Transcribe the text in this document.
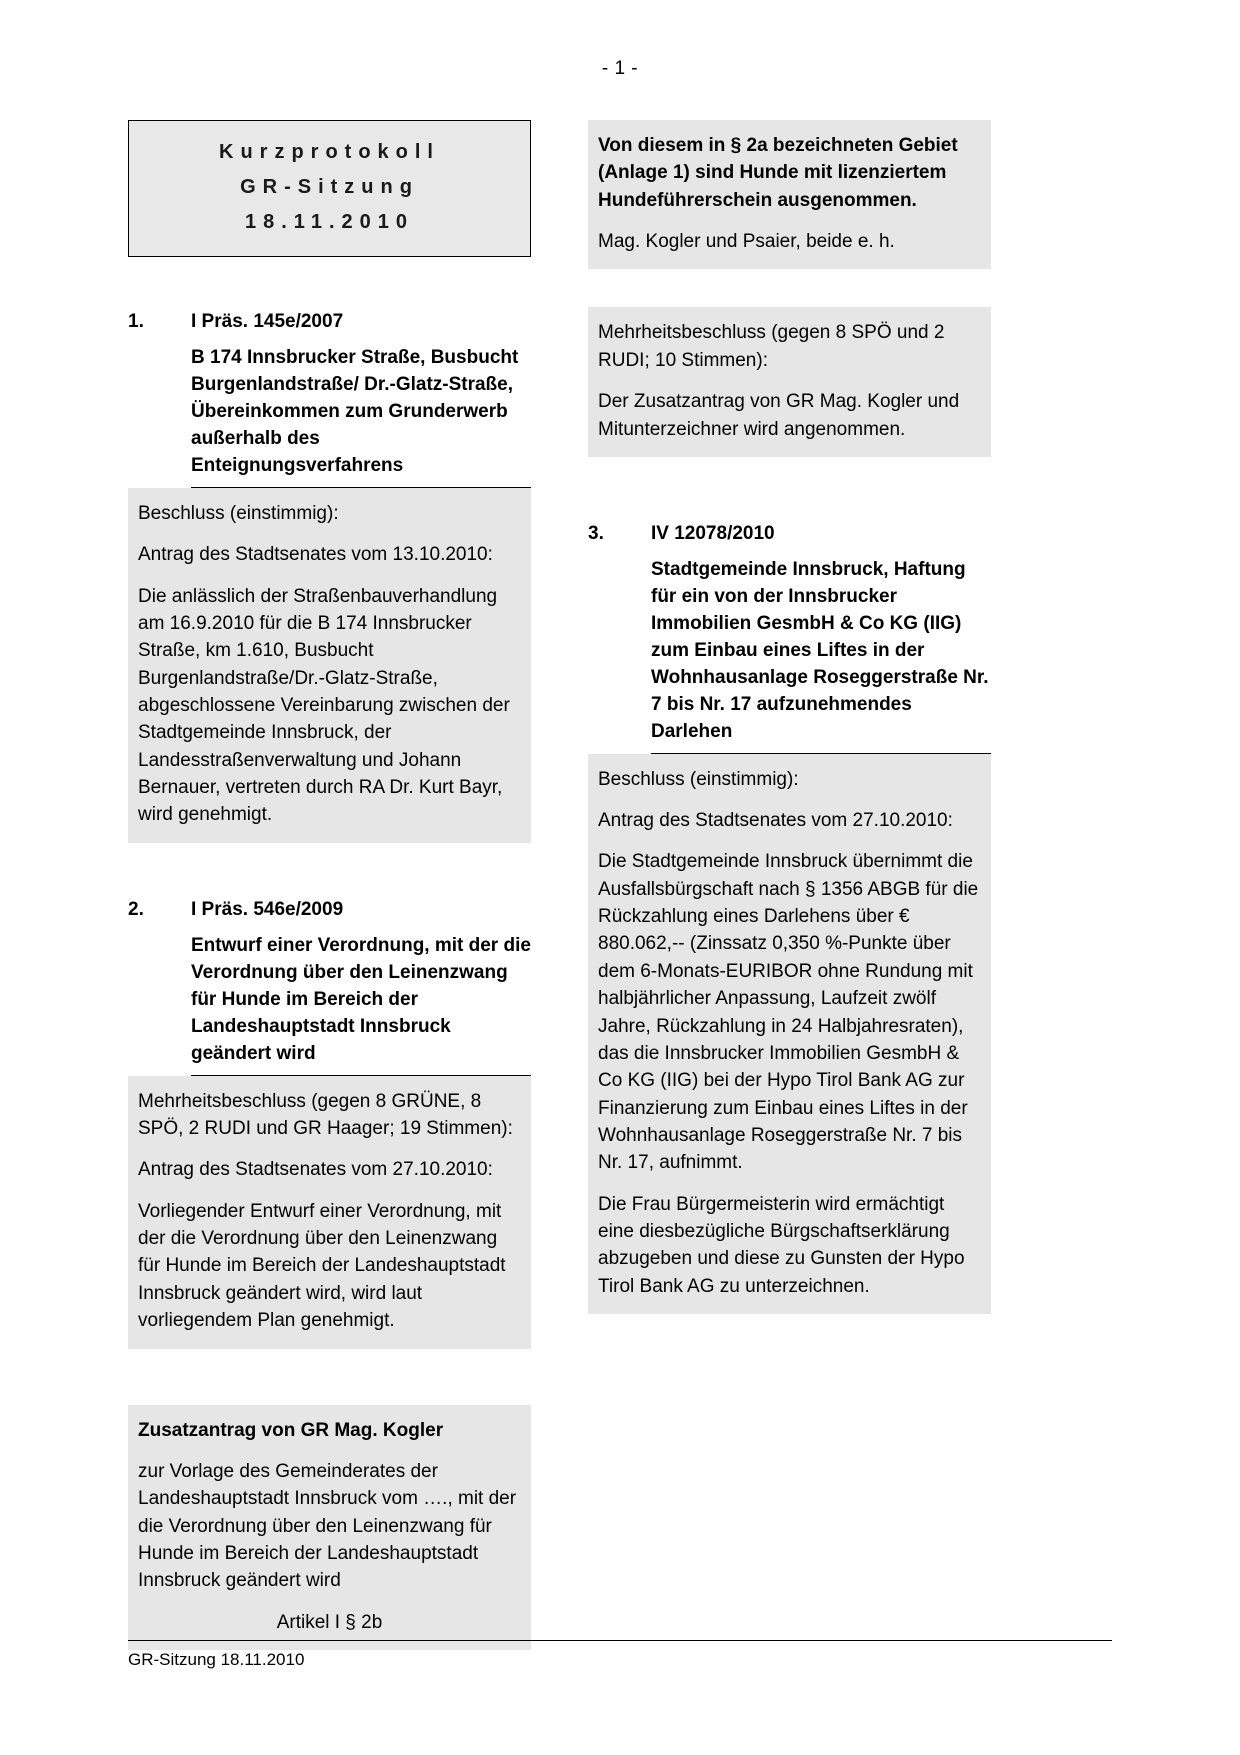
- 1 -
Kurzprotokoll
GR-Sitzung
18.11.2010
1.	I Präs. 145e/2007
B 174 Innsbrucker Straße, Busbucht Burgenlandstraße/ Dr.-Glatz-Straße, Übereinkommen zum Grunderwerb außerhalb des Enteignungsverfahrens

Beschluss (einstimmig):

Antrag des Stadtsenates vom 13.10.2010:

Die anlässlich der Straßenbauverhandlung am 16.9.2010 für die B 174 Innsbrucker Straße, km 1.610, Busbucht Burgenlandstraße/Dr.-Glatz-Straße, abgeschlossene Vereinbarung zwischen der Stadtgemeinde Innsbruck, der Landesstraßenverwaltung und Johann Bernauer, vertreten durch RA Dr. Kurt Bayr, wird genehmigt.

2.	I Präs. 546e/2009
Entwurf einer Verordnung, mit der die Verordnung über den Leinenzwang für Hunde im Bereich der Landeshauptstadt Innsbruck geändert wird

Mehrheitsbeschluss (gegen 8 GRÜNE, 8 SPÖ, 2 RUDI und GR Haager; 19 Stimmen):

Antrag des Stadtsenates vom 27.10.2010:

Vorliegender Entwurf einer Verordnung, mit der die Verordnung über den Leinenzwang für Hunde im Bereich der Landeshauptstadt Innsbruck geändert wird, wird laut vorliegendem Plan genehmigt.

Zusatzantrag von GR Mag. Kogler

zur Vorlage des Gemeinderates der Landeshauptstadt Innsbruck vom …., mit der die Verordnung über den Leinenzwang für Hunde im Bereich der Landeshauptstadt Innsbruck geändert wird

Artikel I § 2b

Von diesem in § 2a bezeichneten Gebiet (Anlage 1) sind Hunde mit lizenziertem Hundeführerschein ausgenommen.

Mag. Kogler und Psaier, beide e. h.

Mehrheitsbeschluss (gegen 8 SPÖ und 2 RUDI; 10 Stimmen):

Der Zusatzantrag von GR Mag. Kogler und Mitunterzeichner wird angenommen.

3.	IV 12078/2010
Stadtgemeinde Innsbruck, Haftung für ein von der Innsbrucker Immobilien GesmbH & Co KG (IIG) zum Einbau eines Liftes in der Wohnhausanlage Roseggerstraße Nr. 7 bis Nr. 17 aufzunehmendes Darlehen

Beschluss (einstimmig):

Antrag des Stadtsenates vom 27.10.2010:

Die Stadtgemeinde Innsbruck übernimmt die Ausfallsbürgschaft nach § 1356 ABGB für die Rückzahlung eines Darlehens über € 880.062,-- (Zinssatz 0,350 %-Punkte über dem 6-Monats-EURIBOR ohne Rundung mit halbjährlicher Anpassung, Laufzeit zwölf Jahre, Rückzahlung in 24 Halbjahresraten), das die Innsbrucker Immobilien GesmbH & Co KG (IIG) bei der Hypo Tirol Bank AG zur Finanzierung zum Einbau eines Liftes in der Wohnhausanlage Roseggerstraße Nr. 7 bis Nr. 17, aufnimmt.

Die Frau Bürgermeisterin wird ermächtigt eine diesbezügliche Bürgschaftserklärung abzugeben und diese zu Gunsten der Hypo Tirol Bank AG zu unterzeichnen.

GR-Sitzung 18.11.2010
